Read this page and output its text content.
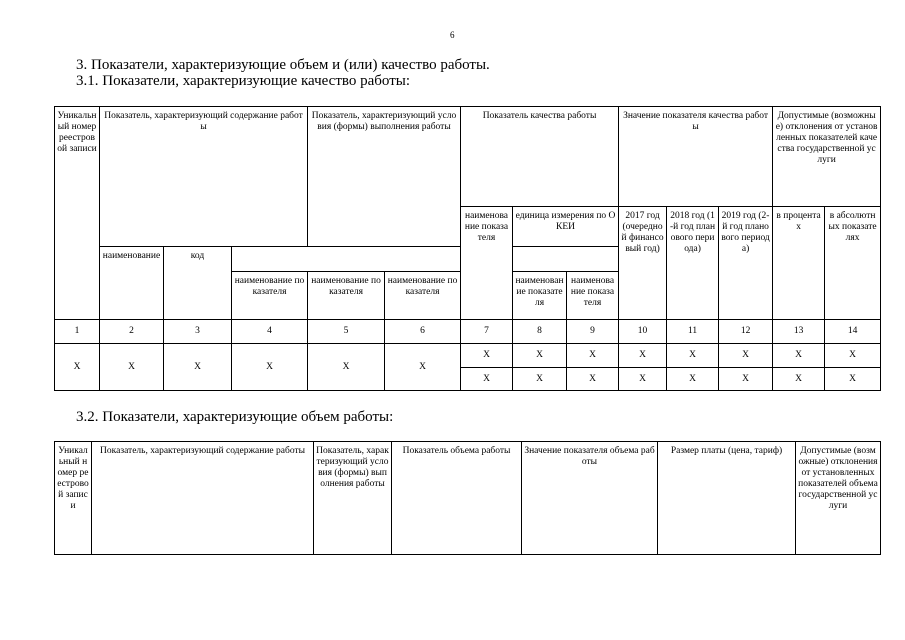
6
3. Показатели, характеризующие объем и (или) качество работы.
3.1. Показатели, характеризующие качество работы:
3.2. Показатели, характеризующие объем работы:
Уникальный номер реестровой записи	Показатель, характеризующий содержание работы			Показатель, характеризующий условия (формы) выполнения работы		Показатель качества работы			Значение показателя качества работы			Допустимые (возможные) отклонения от установленных показателей качества государственной услуги	
						наименование показателя	единица измерения по ОКЕИ		2017 год (очередной финансовый год)	2018 год (1-й год планового периода)	2019 год (2-й год планового периода)	в процентах	в абсолютных показателях
	наименование	код											
			наименование показателя	наименование показателя	наименование показателя		наименование показателя	наименование показателя					
1	2	3	4	5	6	7	8	9	10	11	12	13	14
X	X	X	X	X	X	X	X	X	X	X	X	X	X
						X	X	X	X	X	X	X	X
Уникальный номер реестровой записи	Показатель, характеризующий содержание работы	Показатель, характеризующий условия (формы) выполнения работы	Показатель объема работы	Значение показателя объема работы	Размер платы (цена, тариф)	Допустимые (возможные) отклонения от установленных показателей объема государственной услуги
